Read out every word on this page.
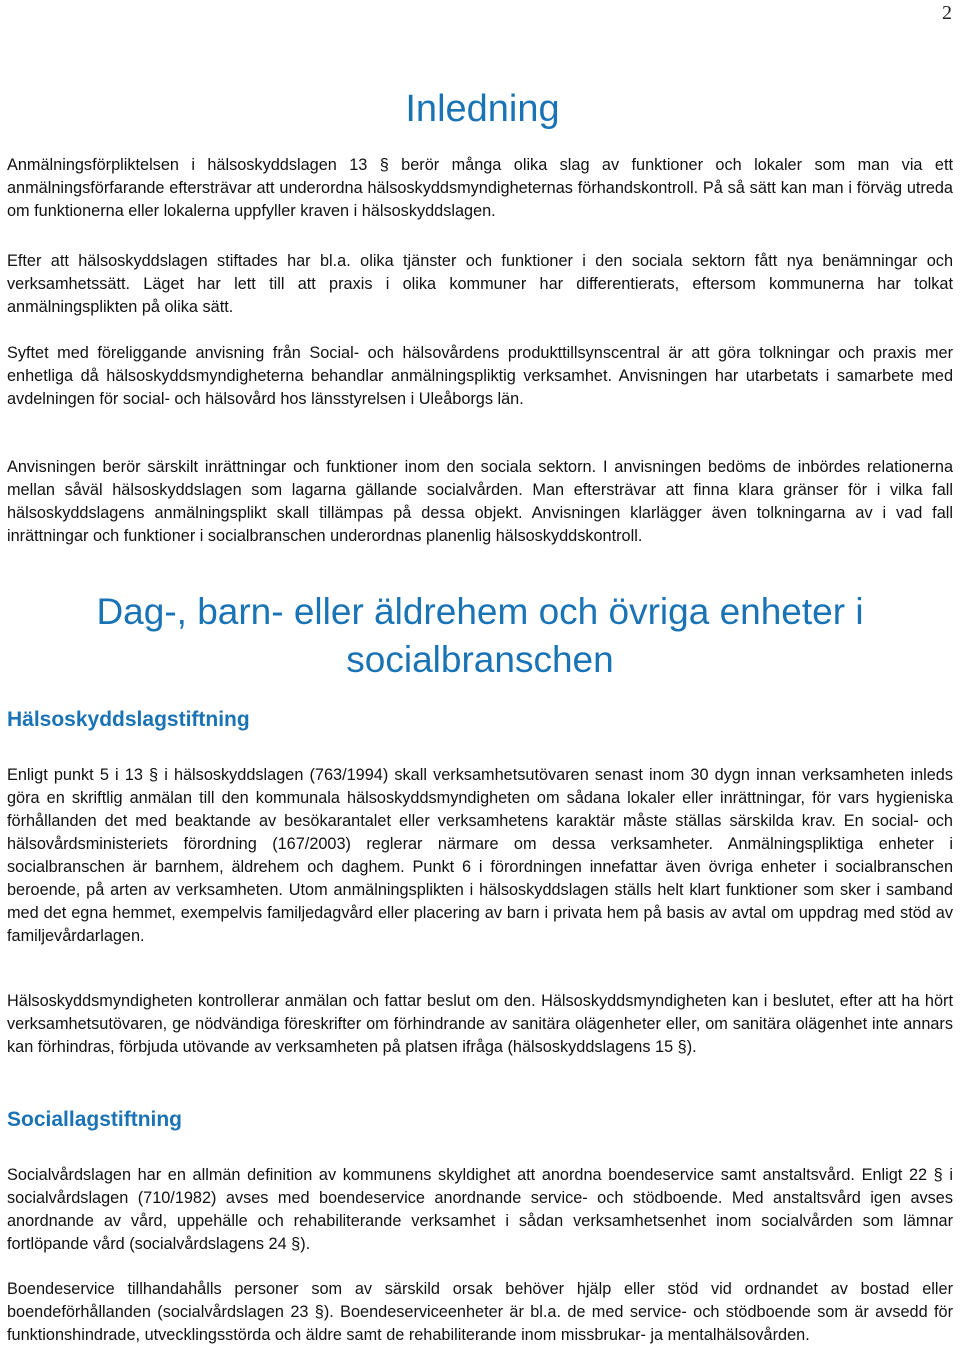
2
Inledning

Anmälningsförpliktelsen i hälsoskyddslagen 13 § berör många olika slag av funktioner och lokaler som man via ett anmälningsförfarande eftersträvar att underordna hälsoskyddsmyndigheternas förhandskontroll. På så sätt kan man i förväg utreda om funktionerna eller lokalerna uppfyller kraven i hälsoskyddslagen.

Efter att hälsoskyddslagen stiftades har bl.a. olika tjänster och funktioner i den sociala sektorn fått nya benämningar och verksamhetssätt. Läget har lett till att praxis i olika kommuner har differentierats, eftersom kommunerna har tolkat anmälningsplikten på olika sätt.

Syftet med föreliggande anvisning från Social- och hälsovårdens produkttillsynscentral är att göra tolkningar och praxis mer enhetliga då hälsoskyddsmyndigheterna behandlar anmälningspliktig verksamhet. Anvisningen har utarbetats i samarbete med avdelningen för social- och hälsovård hos länsstyrelsen i Uleåborgs län.

Anvisningen berör särskilt inrättningar och funktioner inom den sociala sektorn. I anvisningen bedöms de inbördes relationerna mellan såväl hälsoskyddslagen som lagarna gällande socialvården. Man eftersträvar att finna klara gränser för i vilka fall hälsoskyddslagens anmälningsplikt skall tillämpas på dessa objekt. Anvisningen klarlägger även tolkningarna av i vad fall inrättningar och funktioner i socialbranschen underordnas planenlig hälsoskyddskontroll.

Dag-, barn- eller äldrehem och övriga enheter i socialbranschen
Hälsoskyddslagstiftning

Enligt punkt 5 i 13 § i hälsoskyddslagen (763/1994) skall verksamhetsutövaren senast inom 30 dygn innan verksamheten inleds göra en skriftlig anmälan till den kommunala hälsoskyddsmyndigheten om sådana lokaler eller inrättningar, för vars hygieniska förhållanden det med beaktande av besökarantalet eller verksamhetens karaktär måste ställas särskilda krav. En social- och hälsovårdsministeriets förordning (167/2003) reglerar närmare om dessa verksamheter. Anmälningspliktiga enheter i socialbranschen är barnhem, äldrehem och daghem. Punkt 6 i förordningen innefattar även övriga enheter i socialbranschen beroende, på arten av verksamheten. Utom anmälningsplikten i hälsoskyddslagen ställs helt klart funktioner som sker i samband med det egna hemmet, exempelvis familjedagvård eller placering av barn i privata hem på basis av avtal om uppdrag med stöd av familjevårdarlagen.

Hälsoskyddsmyndigheten kontrollerar anmälan och fattar beslut om den. Hälsoskyddsmyndigheten kan i beslutet, efter att ha hört verksamhetsutövaren, ge nödvändiga föreskrifter om förhindrande av sanitära olägenheter eller, om sanitära olägenhet inte annars kan förhindras, förbjuda utövande av verksamheten på platsen ifråga (hälsoskyddslagens 15 §).

Sociallagstiftning

Socialvårdslagen har en allmän definition av kommunens skyldighet att anordna boendeservice samt anstaltsvård. Enligt 22 § i socialvårdslagen (710/1982) avses med boendeservice anordnande service- och stödboende. Med anstaltsvård igen avses anordnande av vård, uppehälle och rehabiliterande verksamhet i sådan verksamhetsenhet inom socialvården som lämnar fortlöpande vård (socialvårdslagens 24 §).

Boendeservice tillhandahålls personer som av särskild orsak behöver hjälp eller stöd vid ordnandet av bostad eller boendeförhållanden (socialvårdslagen 23 §). Boendeserviceenheter är bl.a. de med service- och stödboende som är avsedd för funktionshindrade, utvecklingsstörda och äldre samt de rehabiliterande inom missbrukar- ja mentalhälsovården.
